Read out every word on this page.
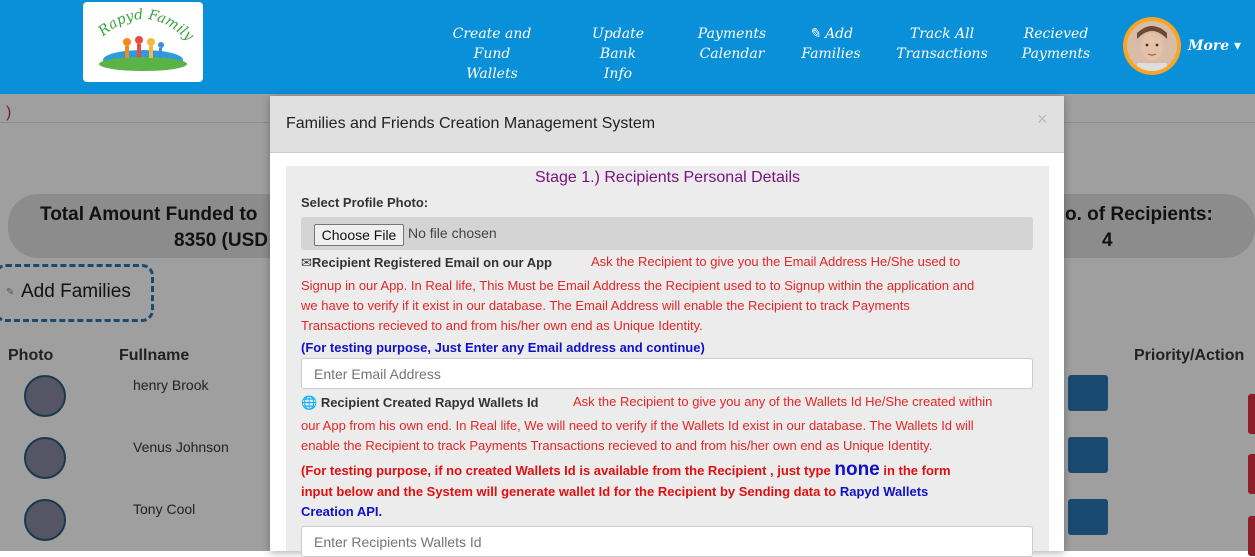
Rapyd Family	Create and
Fund Wallets
Update Bank
Info
Payments
Calendar
✎ Add
Families
Track All
Transactions
Recieved
Payments	More ▾
)
Total Amount Funded to
8350 (USD
o. of Recipients:
4
✎ Add Families
Photo	Fullname	Priority/Action
henry Brook
Venus Johnson
Tony Cool
Families and Friends Creation Management System	×
Stage 1.) Recipients Personal Details
Select Profile Photo:
Choose File No file chosen
✉Recipient Registered Email on our App	Ask the Recipient to give you the Email Address He/She used to
Signup in our App. In Real life, This Must be Email Address the Recipient used to to Signup within the application and
we have to verify if it exist in our database. The Email Address will enable the Recipient to track Payments
Transactions recieved to and from his/her own end as Unique Identity.
(For testing purpose, Just Enter any Email address and continue)
Enter Email Address
🌐 Recipient Created Rapyd Wallets Id	Ask the Recipient to give you any of the Wallets Id He/She created within
our App from his own end. In Real life, We will need to verify if the Wallets Id exist in our database. The Wallets Id will
enable the Recipient to track Payments Transactions recieved to and from his/her own end as Unique Identity.
(For testing purpose, if no created Wallets Id is available from the Recipient , just type none in the form
input below and the System will generate wallet Id for the Recipient by Sending data to Rapyd Wallets
Creation API.
Enter Recipients Wallets Id
